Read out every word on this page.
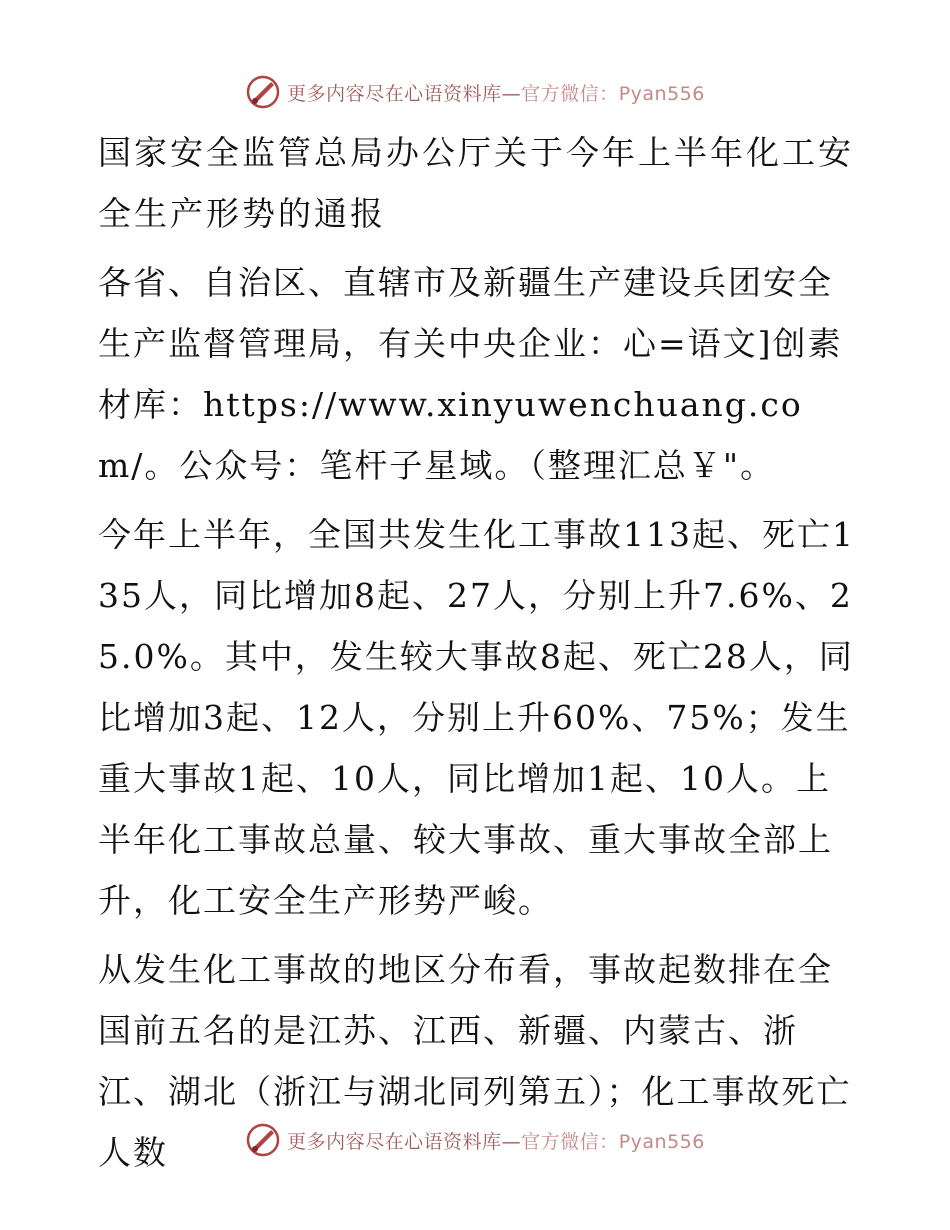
更多内容尽在心语资料库—官方微信：Pyan556

国家安全监管总局办公厅关于今年上半年化工安全生产形势的通报

各省、自治区、直辖市及新疆生产建设兵团安全生产监督管理局，有关中央企业：心=语文]创素材库：https://www.xinyuwenchuang.com/。公众号：笔杆子星域。（整理汇总￥"。

今年上半年，全国共发生化工事故113起、死亡135人，同比增加8起、27人，分别上升7.6%、25.0%。其中，发生较大事故8起、死亡28人，同比增加3起、12人，分别上升60%、75%；发生重大事故1起、10人，同比增加1起、10人。上半年化工事故总量、较大事故、重大事故全部上升，化工安全生产形势严峻。

从发生化工事故的地区分布看，事故起数排在全国前五名的是江苏、江西、新疆、内蒙古、浙江、湖北（浙江与湖北同列第五）；化工事故死亡人数	更多内容尽在心语资料库—官方微信：Pyan556
